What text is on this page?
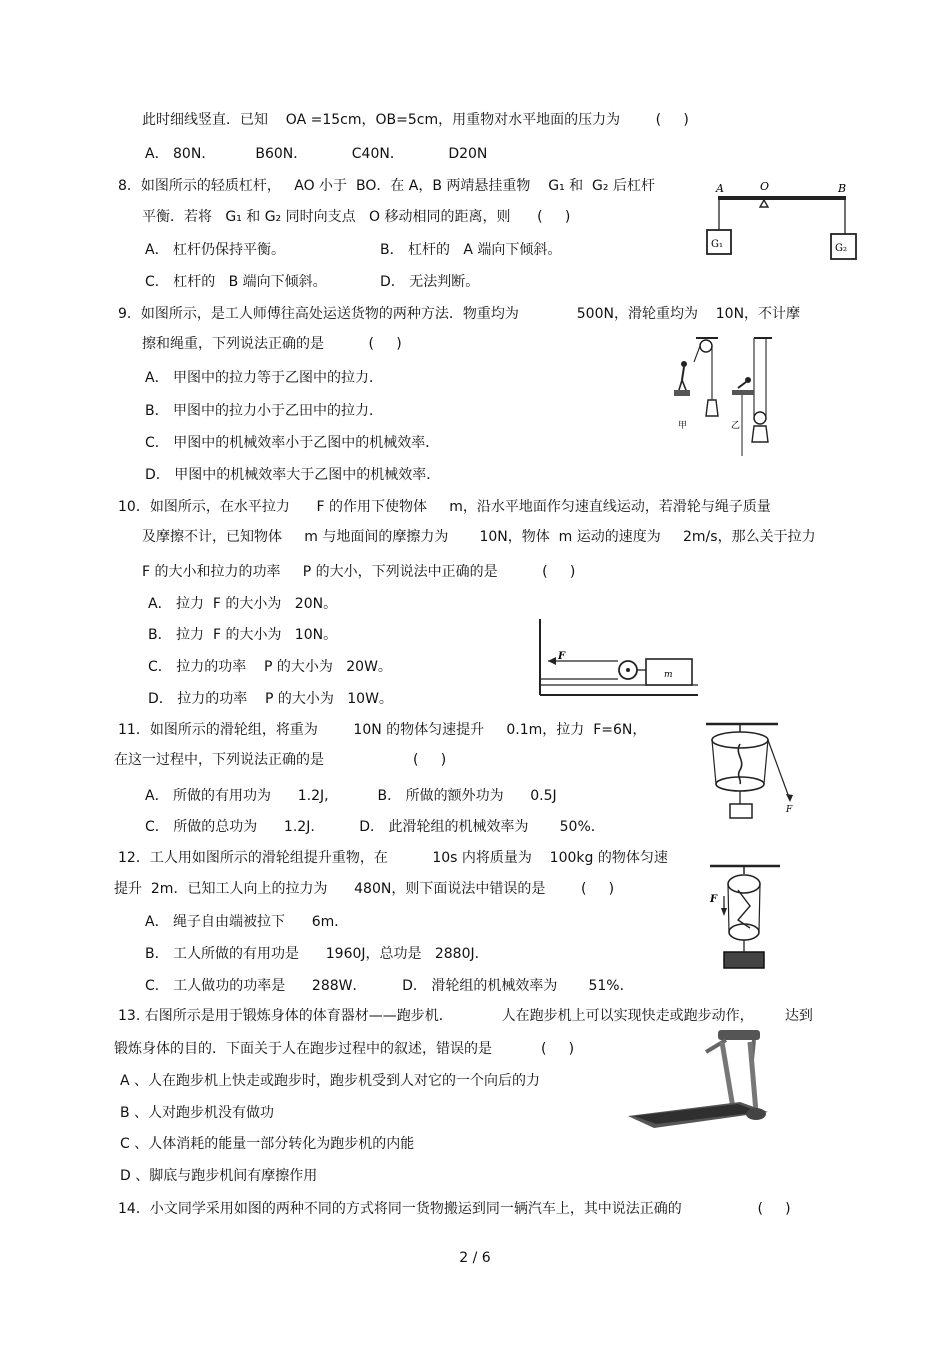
此时细线竖直．已知    OA =15cm，OB=5cm，用重物对水平地面的压力为        (     )
A． 80N．         B60N．          C40N．          D20N
8．如图所示的轻质杠杆，   AO 小于  BO．在 A，B 两靖悬挂重物    G₁ 和  G₂ 后杠杆
平衡．若将   G₁ 和 G₂ 同时向支点   O 移动相同的距离，则      (     )
A． 杠杆仍保持平衡。	B． 杠杆的   A 端向下倾斜。
C． 杠杆的   B 端向下倾斜。	D． 无法判断。
9．如图所示，是工人师傅往高处运送货物的两种方法．物重均为             500N，滑轮重均为    10N，不计摩
擦和绳重，下列说法正确的是          (     )
A． 甲图中的拉力等于乙图中的拉力．
B． 甲图中的拉力小于乙田中的拉力．
C． 甲图中的机械效率小于乙图中的机械效率．
D． 甲图中的机械效率大于乙图中的机械效率．
10．如图所示，在水平拉力      F 的作用下使物体     m，沿水平地面作匀速直线运动，若滑轮与绳子质量
及摩擦不计，已知物体     m 与地面间的摩擦力为       10N，物体  m 运动的速度为     2m/s，那么关于拉力
F 的大小和拉力的功率     P 的大小，下列说法中正确的是          (     )
A． 拉力  F 的大小为   20N。
B． 拉力  F 的大小为   10N。
C． 拉力的功率    P 的大小为   20W。
D． 拉力的功率    P 的大小为   10W。
11．如图所示的滑轮组，将重为        10N 的物体匀速提升     0.1m，拉力  F=6N，
在这一过程中，下列说法正确的是                    (     )
A． 所做的有用功为      1.2J,           B． 所做的额外功为      0.5J
C． 所做的总功为      1.2J.          D． 此滑轮组的机械效率为       50%．
12．工人用如图所示的滑轮组提升重物，在          10s 内将质量为    100kg 的物体匀速
提升  2m．已知工人向上的拉力为      480N，则下面说法中错误的是        (     )
A． 绳子自由端被拉下      6m．
B． 工人所做的有用功是      1960J，总功是   2880J．
C． 工人做功的功率是      288W．        D． 滑轮组的机械效率为       51%．
13. 右图所示是用于锻炼身体的体育器材——跑步机．           人在跑步机上可以实现快走或跑步动作，       达到
锻炼身体的目的．下面关于人在跑步过程中的叙述，错误的是           (     )
A 、人在跑步机上快走或跑步时，跑步机受到人对它的一个向后的力
B 、人对跑步机没有做功
C 、人体消耗的能量一部分转化为跑步机的内能
D 、脚底与跑步机间有摩擦作用
14．小文同学采用如图的两种不同的方式将同一货物搬运到同一辆汽车上，其中说法正确的                 (     )
A	O	B
G₁	G₂
甲	乙
F
m
F
F
2 / 6
